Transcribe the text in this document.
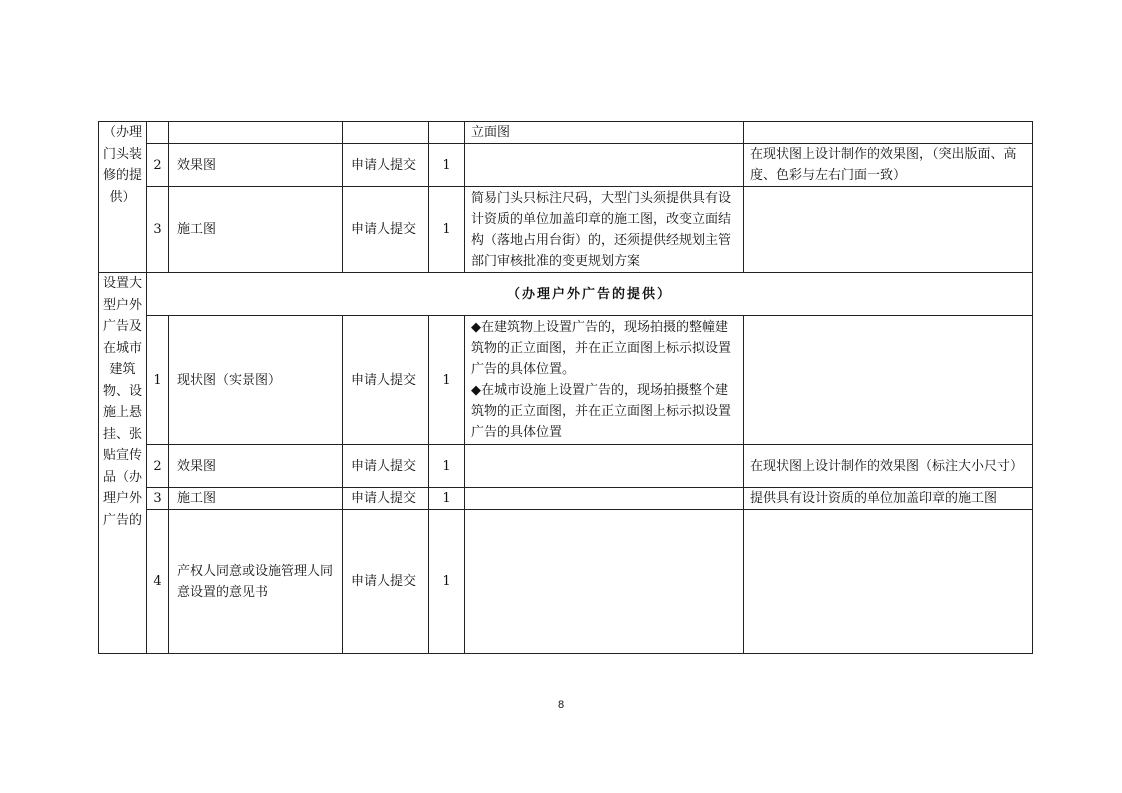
（办理门头装修的提供）					立面图	
	2	效果图	申请人提交	1		在现状图上设计制作的效果图，（突出版面、高度、色彩与左右门面一致）
	3	施工图	申请人提交	1	简易门头只标注尺码，大型门头须提供具有设计资质的单位加盖印章的施工图，改变立面结构（落地占用台街）的，还须提供经规划主管部门审核批准的变更规划方案	
设置大型户外广告及在城市建筑物、设施上悬挂、张贴宣传品（办理户外广告的	（办理户外广告的提供）					
	1	现状图（实景图）	申请人提交	1	◆在建筑物上设置广告的，现场拍摄的整幢建筑物的正立面图，并在正立面图上标示拟设置广告的具体位置。
◆在城市设施上设置广告的，现场拍摄整个建筑物的正立面图，并在正立面图上标示拟设置广告的具体位置	
	2	效果图	申请人提交	1		在现状图上设计制作的效果图（标注大小尺寸）
	3	施工图	申请人提交	1		提供具有设计资质的单位加盖印章的施工图
	4	产权人同意或设施管理人同意设置的意见书	申请人提交	1		
8
